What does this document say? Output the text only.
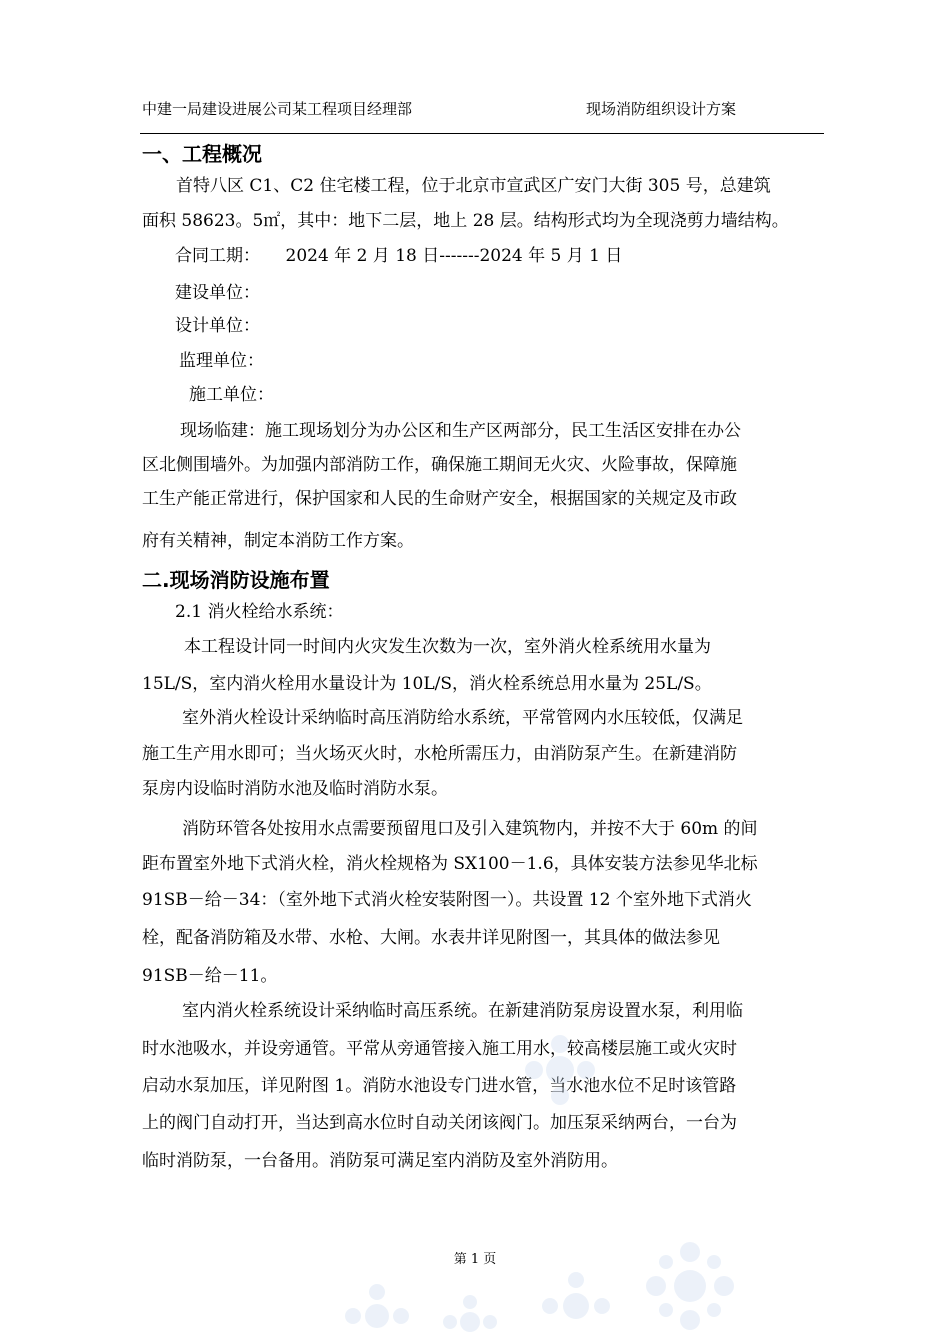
中建一局建设进展公司某工程项目经理部	现场消防组织设计方案
一、工程概况
首特八区 C1、C2 住宅楼工程，位于北京市宣武区广安门大街 305 号，总建筑
面积 58623。5㎡，其中：地下二层，地上 28 层。结构形式均为全现浇剪力墙结构。
合同工期：　　2024 年 2 月 18 日-------2024 年 5 月 1 日
建设单位：
设计单位：
监理单位：
施工单位：
现场临建：施工现场划分为办公区和生产区两部分，民工生活区安排在办公
区北侧围墙外。为加强内部消防工作，确保施工期间无火灾、火险事故，保障施
工生产能正常进行，保护国家和人民的生命财产安全，根据国家的关规定及市政
府有关精神，制定本消防工作方案。
二.现场消防设施布置
2.1 消火栓给水系统：
本工程设计同一时间内火灾发生次数为一次，室外消火栓系统用水量为
15L/S，室内消火栓用水量设计为 10L/S，消火栓系统总用水量为 25L/S。
室外消火栓设计采纳临时高压消防给水系统，平常管网内水压较低，仅满足
施工生产用水即可；当火场灭火时，水枪所需压力，由消防泵产生。在新建消防
泵房内设临时消防水池及临时消防水泵。
消防环管各处按用水点需要预留甩口及引入建筑物内，并按不大于 60m 的间
距布置室外地下式消火栓，消火栓规格为 SX100－1.6，具体安装方法参见华北标
91SB－给－34：（室外地下式消火栓安装附图一）。共设置 12 个室外地下式消火
栓，配备消防箱及水带、水枪、大闸。水表井详见附图一，其具体的做法参见
91SB－给－11。
室内消火栓系统设计采纳临时高压系统。在新建消防泵房设置水泵，利用临
时水池吸水，并设旁通管。平常从旁通管接入施工用水，较高楼层施工或火灾时
启动水泵加压，详见附图 1。消防水池设专门进水管，当水池水位不足时该管路
上的阀门自动打开，当达到高水位时自动关闭该阀门。加压泵采纳两台，一台为
临时消防泵，一台备用。消防泵可满足室内消防及室外消防用。
第 1 页
